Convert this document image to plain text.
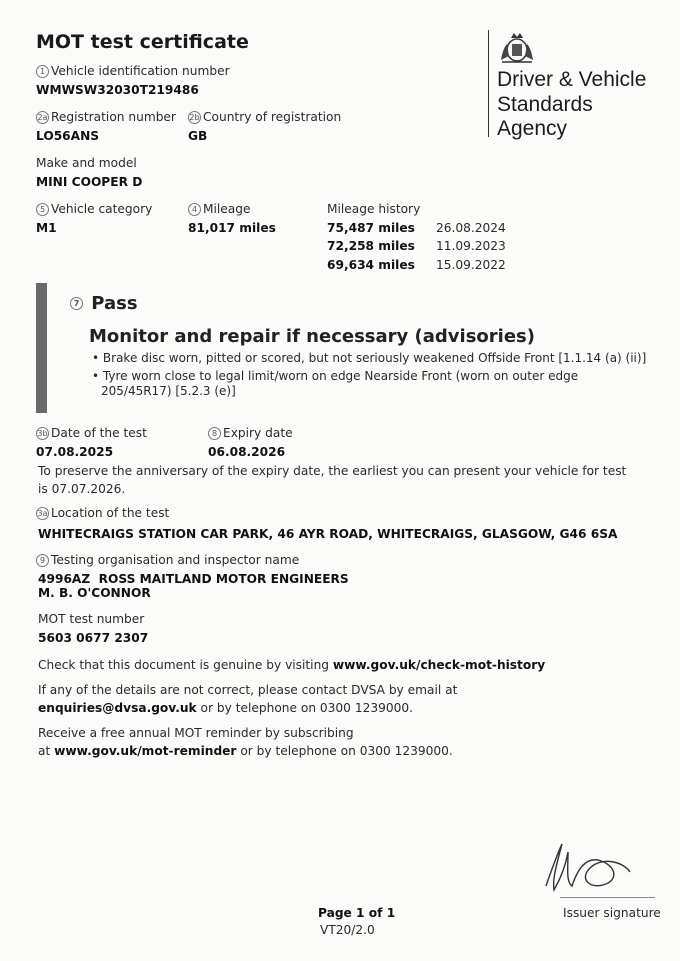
MOT test certificate
Driver & Vehicle
Standards
Agency
1 Vehicle identification number
WMWSW32030T219486
2a Registration number
LO56ANS
2b Country of registration
GB
Make and model
MINI COOPER D
5 Vehicle category
M1
4 Mileage
81,017 miles
Mileage history
75,487 miles 26.08.2024
72,258 miles 11.09.2023
69,634 miles 15.09.2022
7 Pass
Monitor and repair if necessary (advisories)
• Brake disc worn, pitted or scored, but not seriously weakened Offside Front [1.1.14 (a) (ii)]
• Tyre worn close to legal limit/worn on edge Nearside Front (worn on outer edge 205/45R17) [5.2.3 (e)]
3b Date of the test
07.08.2025
8 Expiry date
06.08.2026
To preserve the anniversary of the expiry date, the earliest you can present your vehicle for test is 07.07.2026.
3a Location of the test
WHITECRAIGS STATION CAR PARK, 46 AYR ROAD, WHITECRAIGS, GLASGOW, G46 6SA
9 Testing organisation and inspector name
4996AZ  ROSS MAITLAND MOTOR ENGINEERS
M. B. O'CONNOR
MOT test number
5603 0677 2307
Check that this document is genuine by visiting www.gov.uk/check-mot-history
If any of the details are not correct, please contact DVSA by email at
enquiries@dvsa.gov.uk or by telephone on 0300 1239000.
Receive a free annual MOT reminder by subscribing
at www.gov.uk/mot-reminder or by telephone on 0300 1239000.
Issuer signature
Page 1 of 1
VT20/2.0
